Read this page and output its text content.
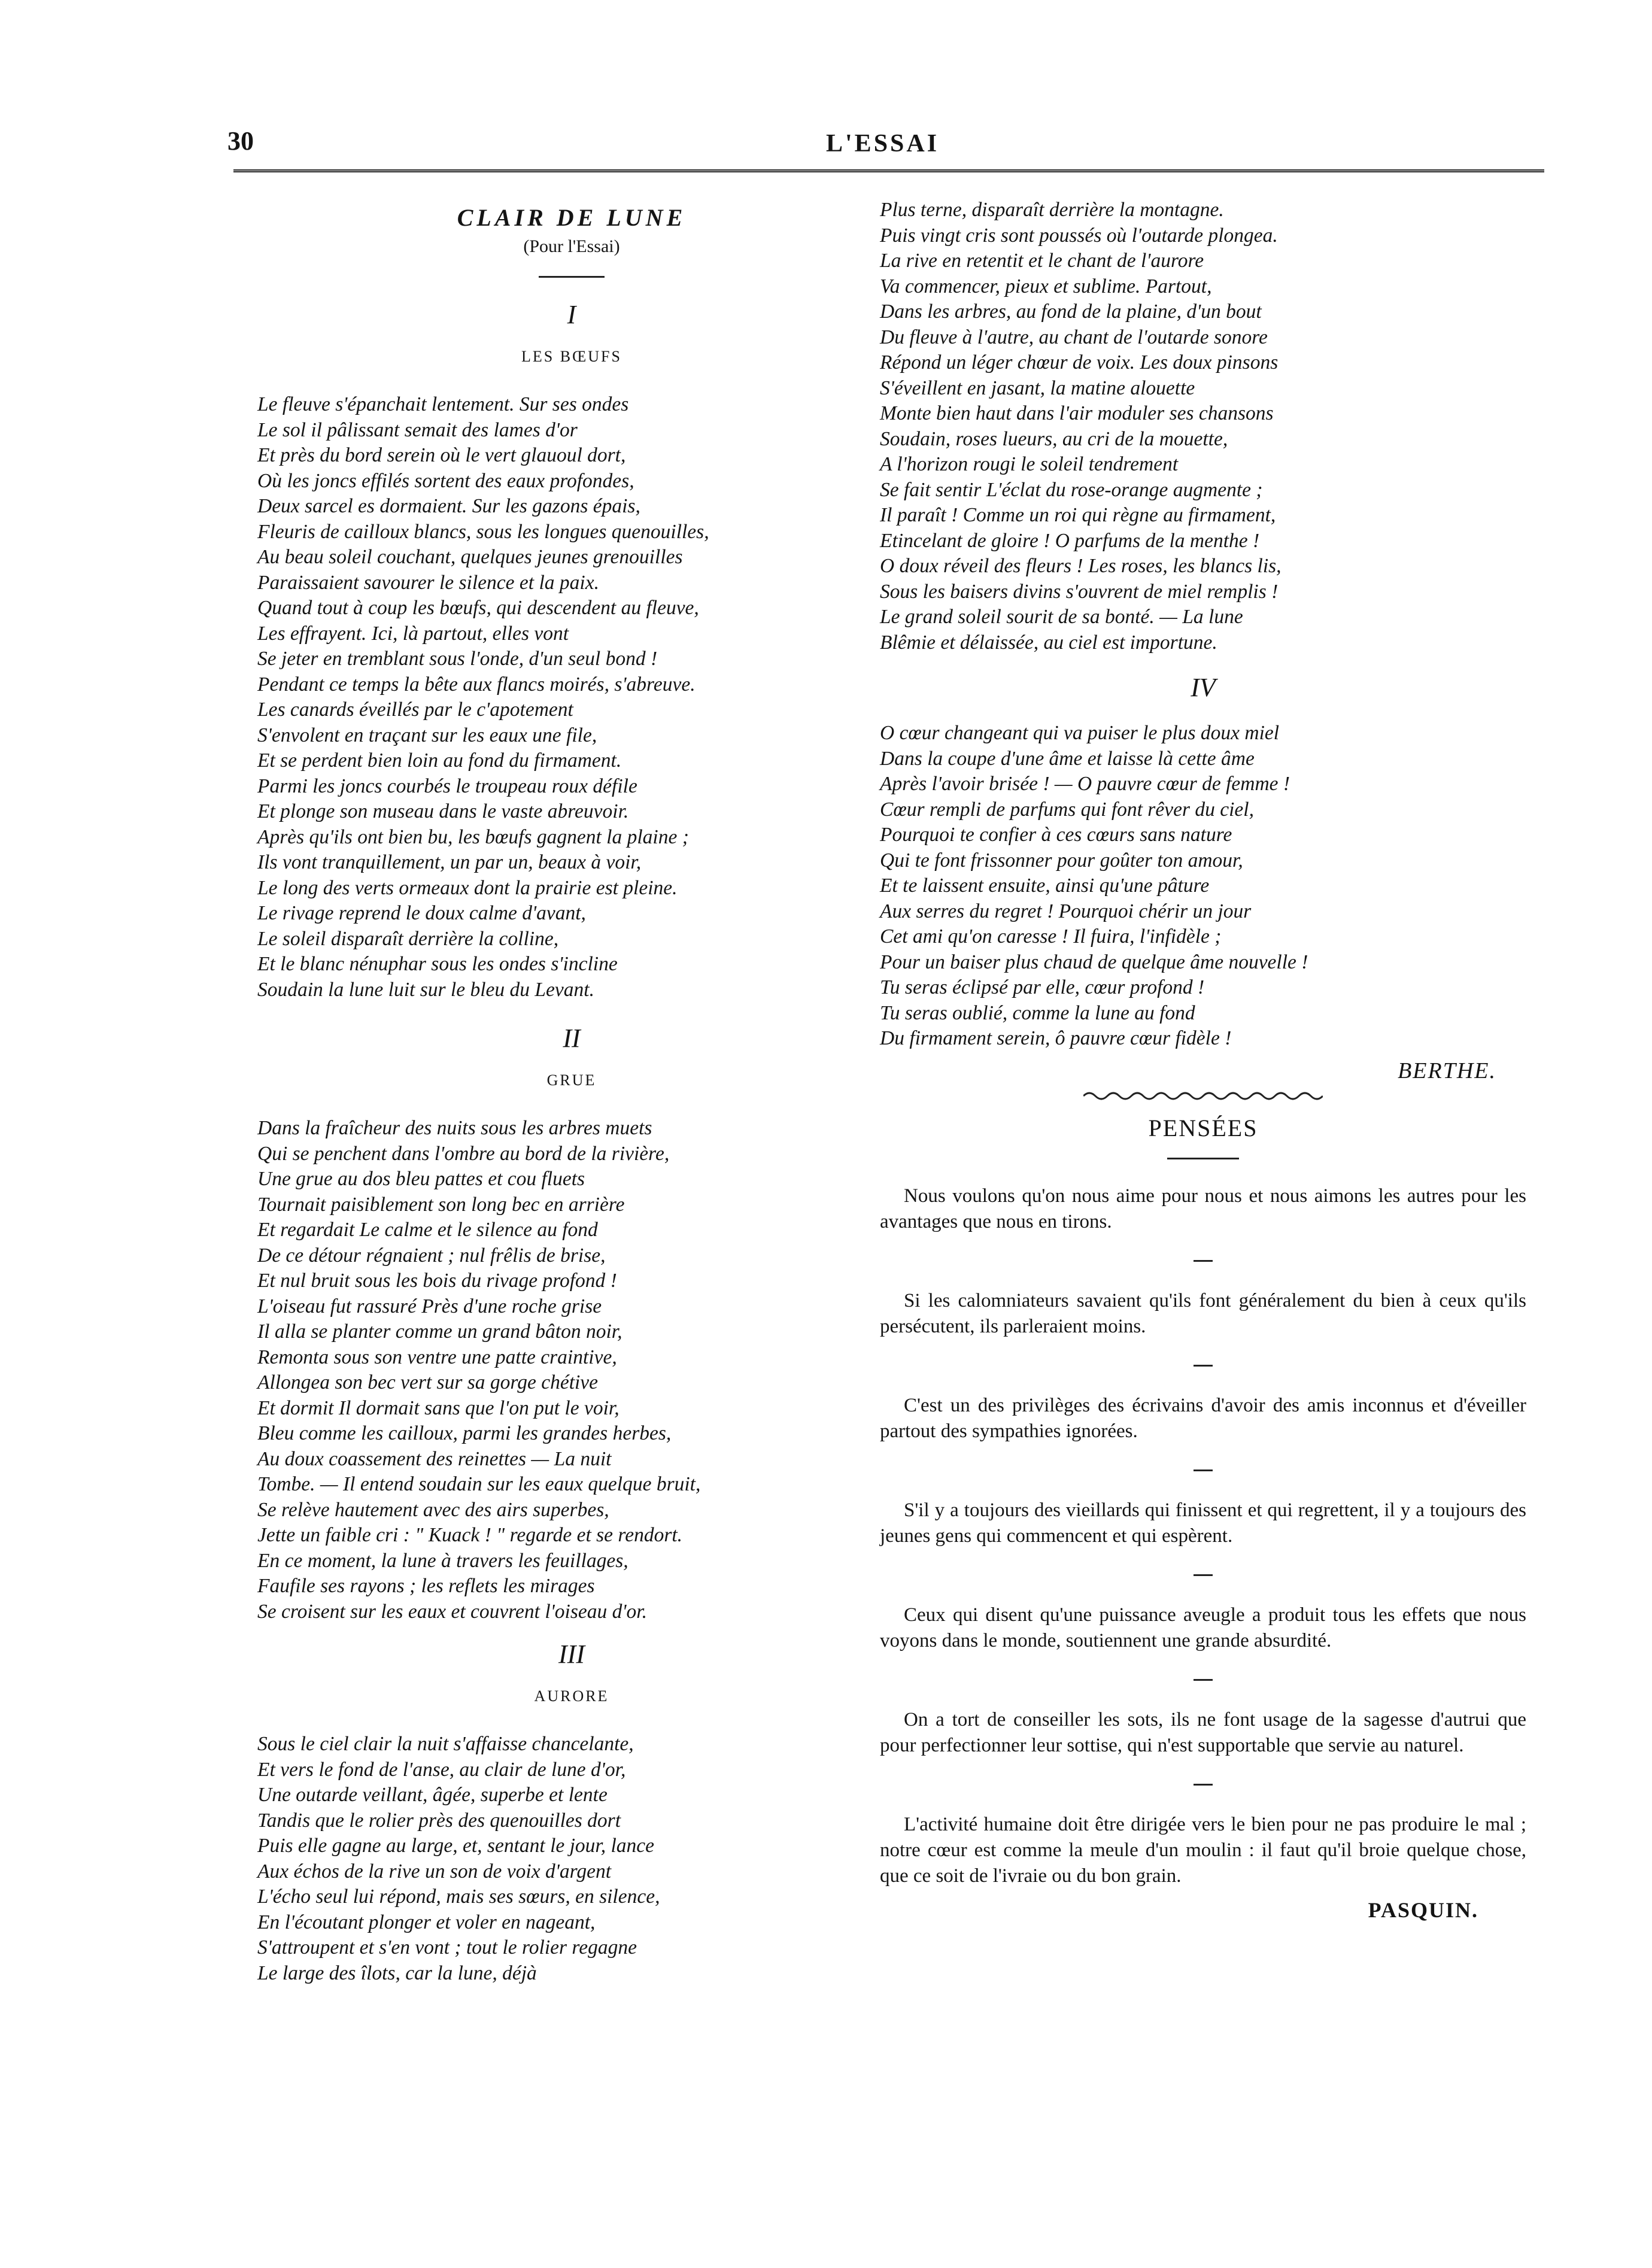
30	L'ESSAI
CLAIR DE LUNE
(Pour l'Essai)
I
LES BŒUFS
Le fleuve s'épanchait lentement. Sur ses ondes
Le sol il pâlissant semait des lames d'or
Et près du bord serein où le vert glauoul dort,
Où les joncs effilés sortent des eaux profondes,
Deux sarcel es dormaient. Sur les gazons épais,
Fleuris de cailloux blancs, sous les longues quenouilles,
Au beau soleil couchant, quelques jeunes grenouilles
Paraissaient savourer le silence et la paix.
Quand tout à coup les bœufs, qui descendent au fleuve,
Les effrayent. Ici, là partout, elles vont
Se jeter en tremblant sous l'onde, d'un seul bond !
Pendant ce temps la bête aux flancs moirés, s'abreuve.
Les canards éveillés par le c'apotement
S'envolent en traçant sur les eaux une file,
Et se perdent bien loin au fond du firmament.
Parmi les joncs courbés le troupeau roux défile
Et plonge son museau dans le vaste abreuvoir.
Après qu'ils ont bien bu, les bœufs gagnent la plaine ;
Ils vont tranquillement, un par un, beaux à voir,
Le long des verts ormeaux dont la prairie est pleine.
Le rivage reprend le doux calme d'avant,
Le soleil disparaît derrière la colline,
Et le blanc nénuphar sous les ondes s'incline
Soudain la lune luit sur le bleu du Levant.
II
GRUE
Dans la fraîcheur des nuits sous les arbres muets
Qui se penchent dans l'ombre au bord de la rivière,
Une grue au dos bleu pattes et cou fluets
Tournait paisiblement son long bec en arrière
Et regardait Le calme et le silence au fond
De ce détour régnaient ; nul frêlis de brise,
Et nul bruit sous les bois du rivage profond !
L'oiseau fut rassuré Près d'une roche grise
Il alla se planter comme un grand bâton noir,
Remonta sous son ventre une patte craintive,
Allongea son bec vert sur sa gorge chétive
Et dormit Il dormait sans que l'on put le voir,
Bleu comme les cailloux, parmi les grandes herbes,
Au doux coassement des reinettes — La nuit
Tombe. — Il entend soudain sur les eaux quelque bruit,
Se relève hautement avec des airs superbes,
Jette un faible cri : " Kuack ! " regarde et se rendort.
En ce moment, la lune à travers les feuillages,
Faufile ses rayons ; les reflets les mirages
Se croisent sur les eaux et couvrent l'oiseau d'or.
III
AURORE
Sous le ciel clair la nuit s'affaisse chancelante,
Et vers le fond de l'anse, au clair de lune d'or,
Une outarde veillant, âgée, superbe et lente
Tandis que le rolier près des quenouilles dort
Puis elle gagne au large, et, sentant le jour, lance
Aux échos de la rive un son de voix d'argent
L'écho seul lui répond, mais ses sœurs, en silence,
En l'écoutant plonger et voler en nageant,
S'attroupent et s'en vont ; tout le rolier regagne
Le large des îlots, car la lune, déjà
Plus terne, disparaît derrière la montagne.
Puis vingt cris sont poussés où l'outarde plongea.
La rive en retentit et le chant de l'aurore
Va commencer, pieux et sublime. Partout,
Dans les arbres, au fond de la plaine, d'un bout
Du fleuve à l'autre, au chant de l'outarde sonore
Répond un léger chœur de voix. Les doux pinsons
S'éveillent en jasant, la matine alouette
Monte bien haut dans l'air moduler ses chansons
Soudain, roses lueurs, au cri de la mouette,
A l'horizon rougi le soleil tendrement
Se fait sentir L'éclat du rose-orange augmente ;
Il paraît ! Comme un roi qui règne au firmament,
Etincelant de gloire ! O parfums de la menthe !
O doux réveil des fleurs ! Les roses, les blancs lis,
Sous les baisers divins s'ouvrent de miel remplis !
Le grand soleil sourit de sa bonté. — La lune
Blêmie et délaissée, au ciel est importune.
IV
O cœur changeant qui va puiser le plus doux miel
Dans la coupe d'une âme et laisse là cette âme
Après l'avoir brisée ! — O pauvre cœur de femme !
Cœur rempli de parfums qui font rêver du ciel,
Pourquoi te confier à ces cœurs sans nature
Qui te font frissonner pour goûter ton amour,
Et te laissent ensuite, ainsi qu'une pâture
Aux serres du regret ! Pourquoi chérir un jour
Cet ami qu'on caresse ! Il fuira, l'infidèle ;
Pour un baiser plus chaud de quelque âme nouvelle !
Tu seras éclipsé par elle, cœur profond !
Tu seras oublié, comme la lune au fond
Du firmament serein, ô pauvre cœur fidèle !
BERTHE.
PENSÉES

Nous voulons qu'on nous aime pour nous et nous aimons les autres pour les avantages que nous en tirons.

Si les calomniateurs savaient qu'ils font généralement du bien à ceux qu'ils persécutent, ils parleraient moins.

C'est un des privilèges des écrivains d'avoir des amis inconnus et d'éveiller partout des sympathies ignorées.

S'il y a toujours des vieillards qui finissent et qui regrettent, il y a toujours des jeunes gens qui commencent et qui espèrent.

Ceux qui disent qu'une puissance aveugle a produit tous les effets que nous voyons dans le monde, soutiennent une grande absurdité.

On a tort de conseiller les sots, ils ne font usage de la sagesse d'autrui que pour perfectionner leur sottise, qui n'est supportable que servie au naturel.

L'activité humaine doit être dirigée vers le bien pour ne pas produire le mal ; notre cœur est comme la meule d'un moulin : il faut qu'il broie quelque chose, que ce soit de l'ivraie ou du bon grain.

PASQUIN.
